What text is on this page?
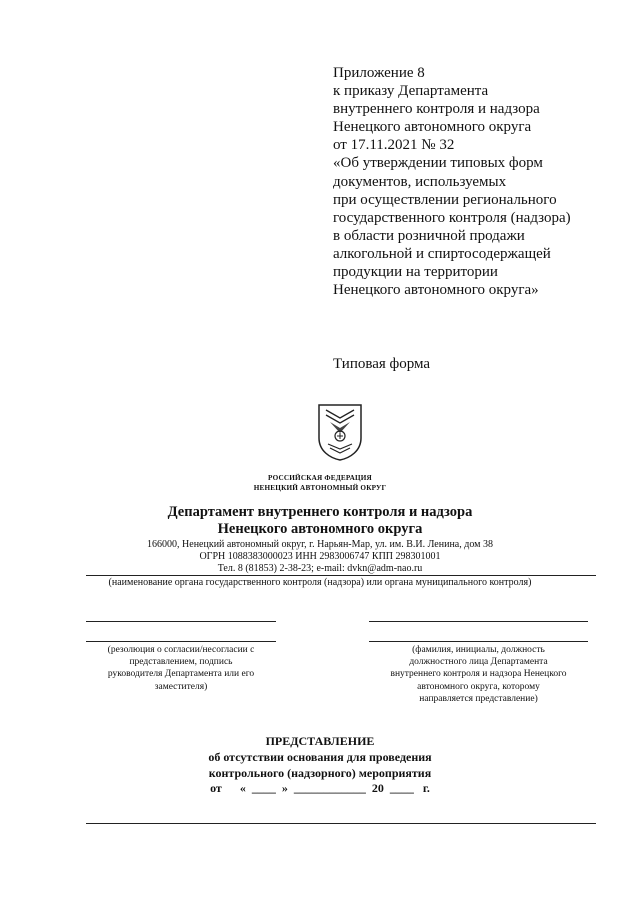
Приложение 8
к приказу Департамента
внутреннего контроля и надзора
Ненецкого автономного округа
от 17.11.2021 № 32
«Об утверждении типовых форм
документов, используемых
при осуществлении регионального
государственного контроля (надзора)
в области розничной продажи
алкогольной и спиртосодержащей
продукции на территории
Ненецкого автономного округа»
Типовая форма
РОССИЙСКАЯ ФЕДЕРАЦИЯ
НЕНЕЦКИЙ АВТОНОМНЫЙ ОКРУГ
Департамент внутреннего контроля и надзора
Ненецкого автономного округа
166000, Ненецкий автономный округ, г. Нарьян-Мар, ул. им. В.И. Ленина, дом 38
ОГРН 1088383000023 ИНН 2983006747 КПП 298301001
Тел. 8 (81853) 2-38-23; e-mail: dvkn@adm-nao.ru
(наименование органа государственного контроля (надзора) или органа муниципального контроля)
(резолюция о согласии/несогласии с
представлением, подпись
руководителя Департамента или его
заместителя)
(фамилия, инициалы, должность
должностного лица Департамента
внутреннего контроля и надзора Ненецкого
автономного округа, которому
направляется представление)
ПРЕДСТАВЛЕНИЕ
об отсутствии основания для проведения
контрольного (надзорного) мероприятия
от      «  ____  »  ____________  20  ____   г.
